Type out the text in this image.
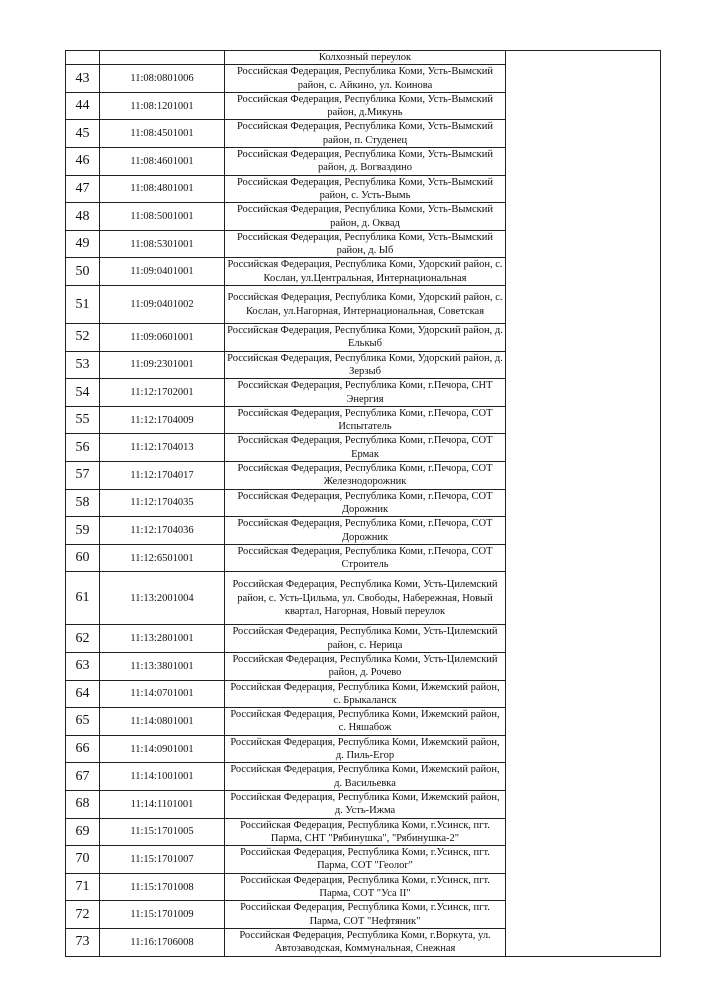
		Колхозный переулок	
43	11:08:0801006	Российская Федерация, Республика Коми, Усть-Вымский район, с. Айкино, ул. Коинова	
44	11:08:1201001	Российская Федерация, Республика Коми, Усть-Вымский район, д.Микунь	
45	11:08:4501001	Российская Федерация, Республика Коми, Усть-Вымский район, п. Студенец	
46	11:08:4601001	Российская Федерация, Республика Коми, Усть-Вымский район, д. Вогваздино	
47	11:08:4801001	Российская Федерация, Республика Коми, Усть-Вымский район, с. Усть-Вымь	
48	11:08:5001001	Российская Федерация, Республика Коми, Усть-Вымский район, д. Оквад	
49	11:08:5301001	Российская Федерация, Республика Коми, Усть-Вымский район, д. Ыб	
50	11:09:0401001	Российская Федерация, Республика Коми, Удорский район, с. Кослан, ул.Центральная, Интернациональная	
51	11:09:0401002	Российская Федерация, Республика Коми, Удорский район, с. Кослан, ул.Нагорная, Интернациональная, Советская	
52	11:09:0601001	Российская Федерация, Республика Коми, Удорский район, д. Елькыб	
53	11:09:2301001	Российская Федерация, Республика Коми, Удорский район, д. Зерзыб	
54	11:12:1702001	Российская Федерация, Республика Коми, г.Печора, СНТ Энергия	
55	11:12:1704009	Российская Федерация, Республика Коми, г.Печора, СОТ Испытатель	
56	11:12:1704013	Российская Федерация, Республика Коми, г.Печора, СОТ Ермак	
57	11:12:1704017	Российская Федерация, Республика Коми, г.Печора, СОТ Железнодорожник	
58	11:12:1704035	Российская Федерация, Республика Коми, г.Печора, СОТ Дорожник	
59	11:12:1704036	Российская Федерация, Республика Коми, г.Печора, СОТ Дорожник	
60	11:12:6501001	Российская Федерация, Республика Коми, г.Печора, СОТ Строитель	
61	11:13:2001004	Российская Федерация, Республика Коми, Усть-Цилемский район, с. Усть-Цильма, ул. Свободы, Набережная, Новый квартал, Нагорная, Новый переулок	
62	11:13:2801001	Российская Федерация, Республика Коми, Усть-Цилемский район, с. Нерица	
63	11:13:3801001	Российская Федерация, Республика Коми, Усть-Цилемский район, д. Рочево	
64	11:14:0701001	Российская Федерация, Республика Коми, Ижемский район, с. Брыкаланск	
65	11:14:0801001	Российская Федерация, Республика Коми, Ижемский район, с. Няшабож	
66	11:14:0901001	Российская Федерация, Республика Коми, Ижемский район, д. Пиль-Егор	
67	11:14:1001001	Российская Федерация, Республика Коми, Ижемский район, д. Васильевка	
68	11:14:1101001	Российская Федерация, Республика Коми, Ижемский район, д. Усть-Ижма	
69	11:15:1701005	Российская Федерация, Республика Коми, г.Усинск, пгт. Парма, СНТ "Рябинушка", "Рябинушка-2"	
70	11:15:1701007	Российская Федерация, Республика Коми, г.Усинск, пгт. Парма, СОТ "Геолог"	
71	11:15:1701008	Российская Федерация, Республика Коми, г.Усинск, пгт. Парма, СОТ "Уса II"	
72	11:15:1701009	Российская Федерация, Республика Коми, г.Усинск, пгт. Парма, СОТ "Нефтяник"	
73	11:16:1706008	Российская Федерация, Республика Коми, г.Воркута, ул. Автозаводская, Коммунальная, Снежная	
